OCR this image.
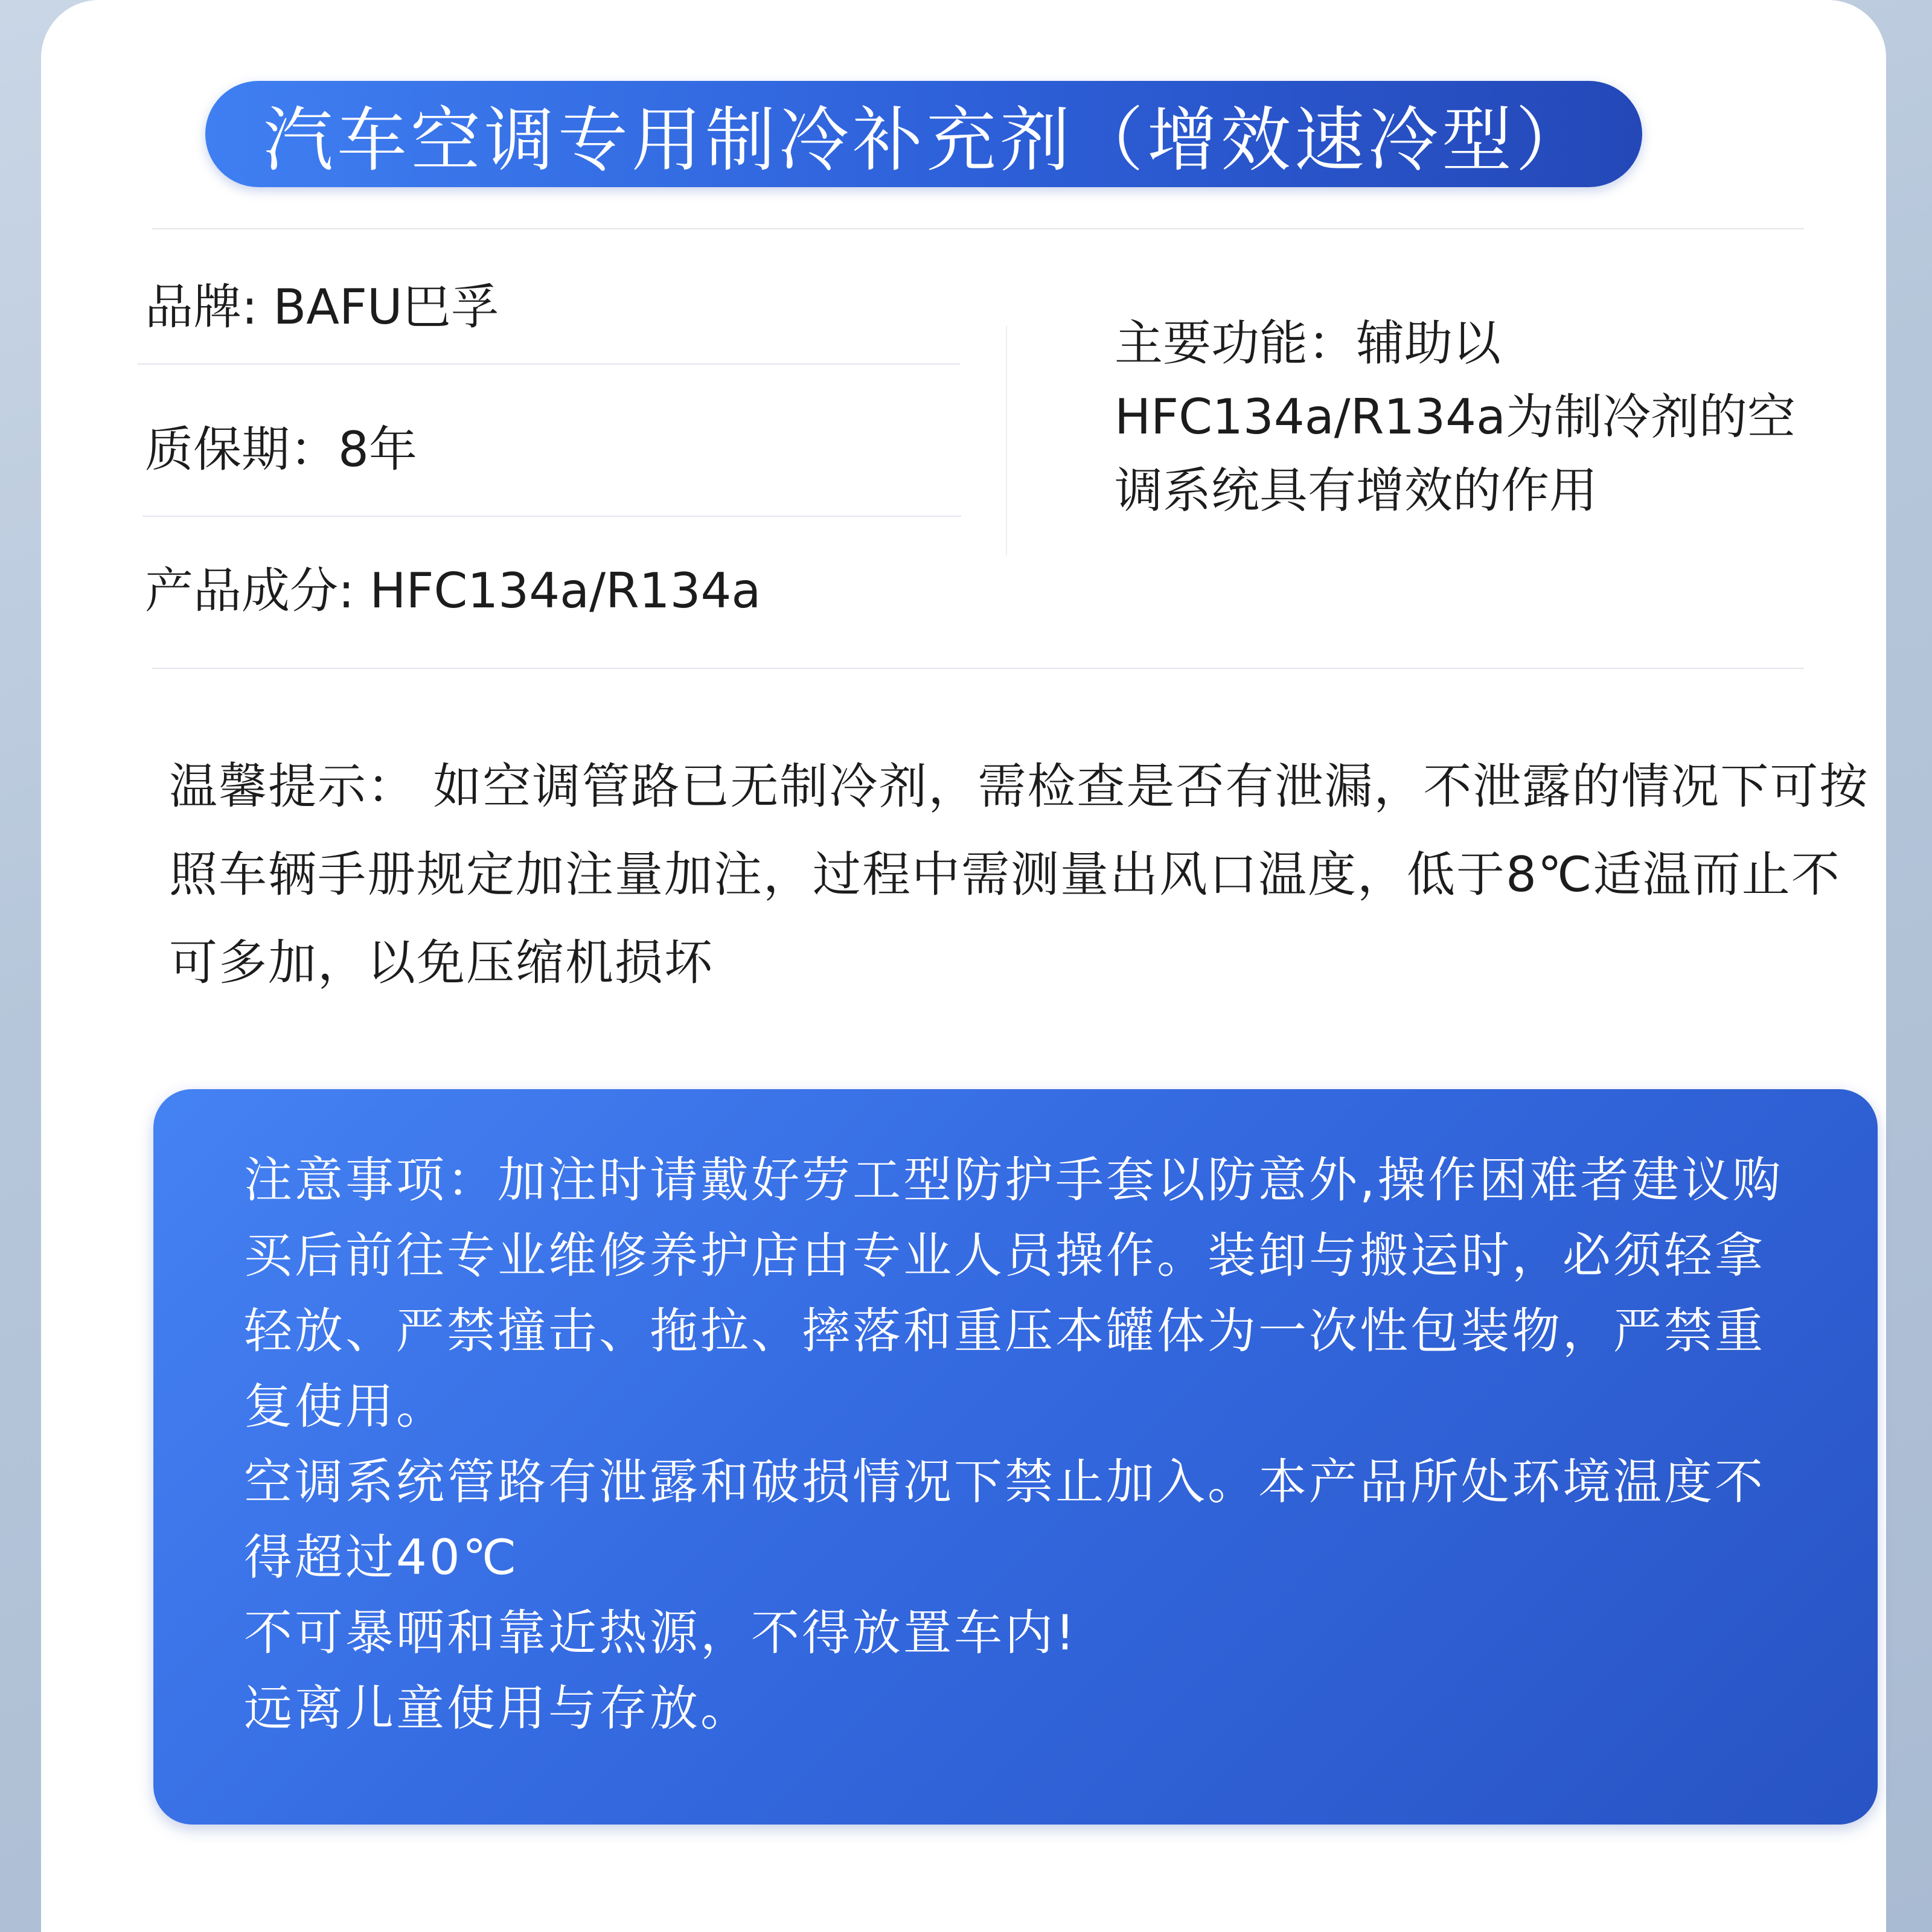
汽车空调专用制冷补充剂（增效速冷型）
品牌: BAFU巴孚
质保期：8年
产品成分: HFC134a/R134a
主要功能：辅助以HFC134a/R134a为制冷剂的空调系统具有增效的作用
温馨提示： 如空调管路已无制冷剂，需检查是否有泄漏，不泄露的情况下可按照车辆手册规定加注量加注，过程中需测量出风口温度，低于8℃适温而止不可多加，以免压缩机损坏
注意事项：加注时请戴好劳工型防护手套以防意外,操作困难者建议购买后前往专业维修养护店由专业人员操作。装卸与搬运时，必须轻拿轻放、严禁撞击、拖拉、摔落和重压本罐体为一次性包装物，严禁重复使用。
空调系统管路有泄露和破损情况下禁止加入。本产品所处环境温度不得超过40℃
不可暴晒和靠近热源，不得放置车内!
远离儿童使用与存放。
